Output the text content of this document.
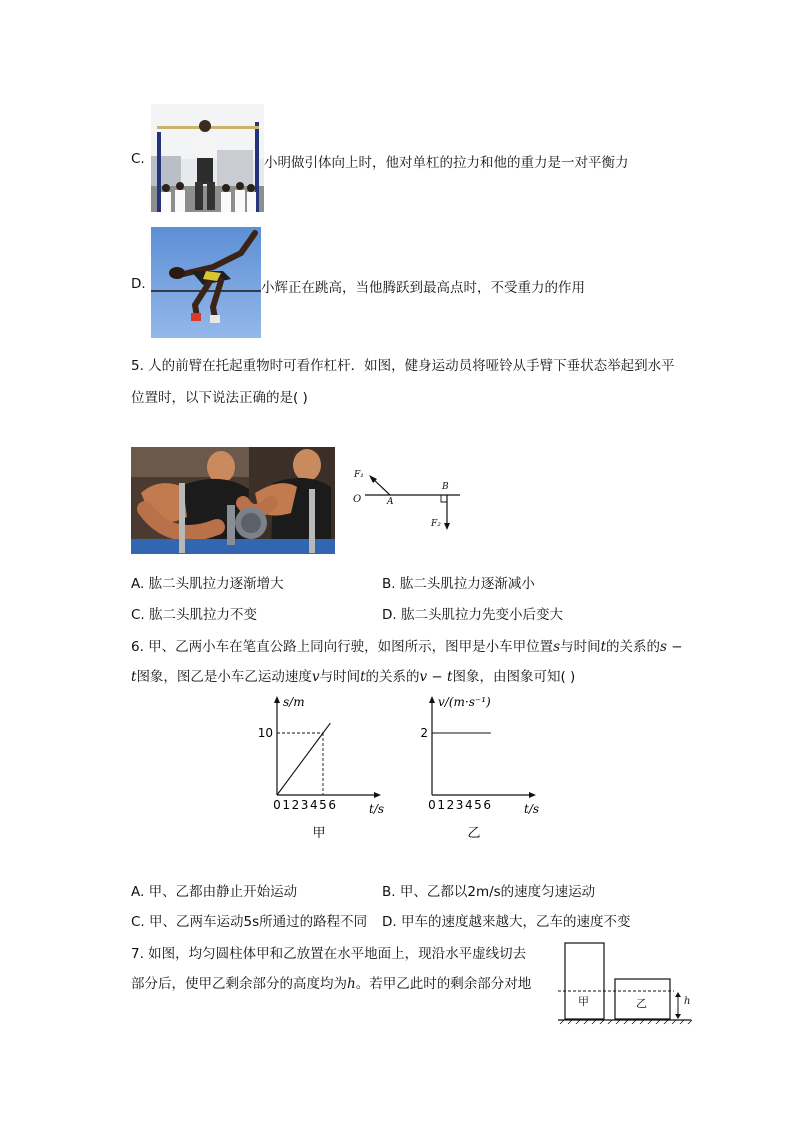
C.	小明做引体向上时，他对单杠的拉力和他的重力是一对平衡力
D.	小辉正在跳高，当他腾跃到最高点时，不受重力的作用
5. 人的前臂在托起重物时可看作杠杆．如图，健身运动员将哑铃从手臂下垂状态举起到水平
位置时，以下说法正确的是( )
F₁
O	A
B
F₂
A. 肱二头肌拉力逐渐增大	B. 肱二头肌拉力逐渐减小
C. 肱二头肌拉力不变	D. 肱二头肌拉力先变小后变大
6. 甲、乙两小车在笔直公路上同向行驶，如图所示，图甲是小车甲位置s与时间t的关系的s −
t图象，图乙是小车乙运动速度v与时间t的关系的v − t图象，由图象可知( )
s/m
t/s
0 1 2 3 4 5 6
10
甲
v/(m·s⁻¹)
t/s
0 1 2 3 4 5 6
2
乙
A. 甲、乙都由静止开始运动	B. 甲、乙都以2m/s的速度匀速运动
C. 甲、乙两车运动5s所通过的路程不同 D. 甲车的速度越来越大，乙车的速度不变
7. 如图，均匀圆柱体甲和乙放置在水平地面上，现沿水平虚线切去
部分后，使甲乙剩余部分的高度均为h。若甲乙此时的剩余部分对地
甲	乙	h
